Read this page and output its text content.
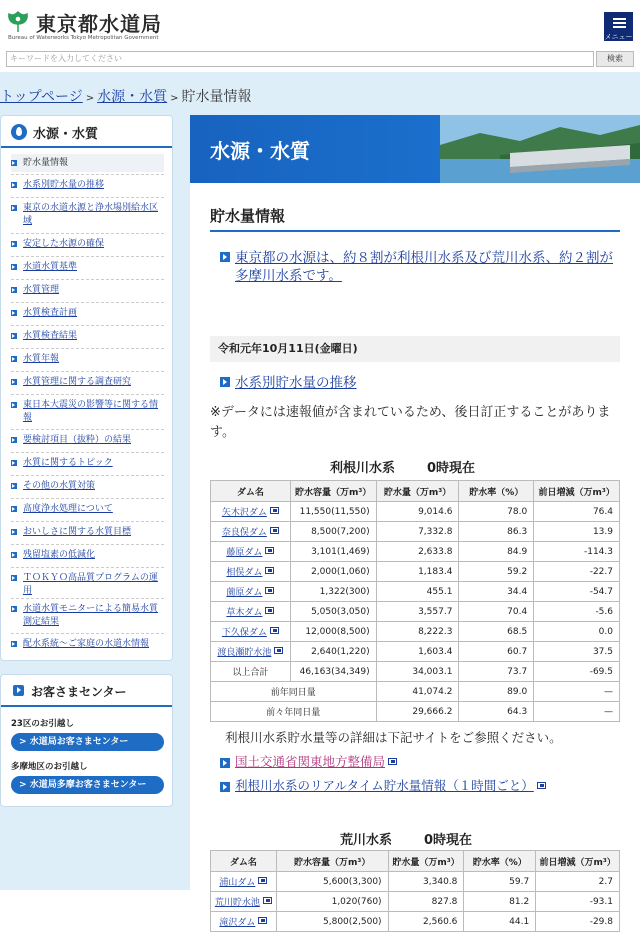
東京都水道局
Bureau of Waterworks Tokyo Metropolitan Government	メニュー
キーワードを入力してください	検索
トップページ > 水源・水質 > 貯水量情報
水源・水質
貯水量情報
水系別貯水量の推移
東京の水道水源と浄水場別給水区域
安定した水源の確保
水道水質基準
水質管理
水質検査計画
水質検査結果
水質年報
水質管理に関する調査研究
東日本大震災の影響等に関する情報
要検討項目（抜粋）の結果
水質に関するトピック
その他の水質対策
高度浄水処理について
おいしさに関する水質目標
残留塩素の低減化
ＴＯＫＹＯ高品質プログラムの運用
水道水質モニターによる簡易水質測定結果
配水系統～ご家庭の水道水情報
お客さまセンター
23区のお引越し
> 水道局お客さまセンター
多摩地区のお引越し
> 水道局多摩お客さまセンター
水源・水質
貯水量情報
東京都の水源は、約８割が利根川水系及び荒川水系、約２割が多摩川水系です。
令和元年10月11日(金曜日)
水系別貯水量の推移
※データには速報値が含まれているため、後日訂正することがあります。
利根川水系 0時現在
ダム名	貯水容量（万m³）	貯水量（万m³）	貯水率（%）	前日増減（万m³）
矢木沢ダム	11,550(11,550)	9,014.6	78.0	76.4
奈良俣ダム	8,500(7,200)	7,332.8	86.3	13.9
藤原ダム	3,101(1,469)	2,633.8	84.9	-114.3
相俣ダム	2,000(1,060)	1,183.4	59.2	-22.7
薗原ダム	1,322(300)	455.1	34.4	-54.7
草木ダム	5,050(3,050)	3,557.7	70.4	-5.6
下久保ダム	12,000(8,500)	8,222.3	68.5	0.0
渡良瀬貯水池	2,640(1,220)	1,603.4	60.7	37.5
以上合計	46,163(34,349)	34,003.1	73.7	-69.5
前年同日量		41,074.2	89.0	—
前々年同日量		29,666.2	64.3	—
利根川水系貯水量等の詳細は下記サイトをご参照ください。
国土交通省関東地方整備局
利根川水系のリアルタイム貯水量情報（１時間ごと）
荒川水系 0時現在
ダム名	貯水容量（万m³）	貯水量（万m³）	貯水率（%）	前日増減（万m³）
浦山ダム	5,600(3,300)	3,340.8	59.7	2.7
荒川貯水池	1,020(760)	827.8	81.2	-93.1
滝沢ダム	5,800(2,500)	2,560.6	44.1	-29.8
